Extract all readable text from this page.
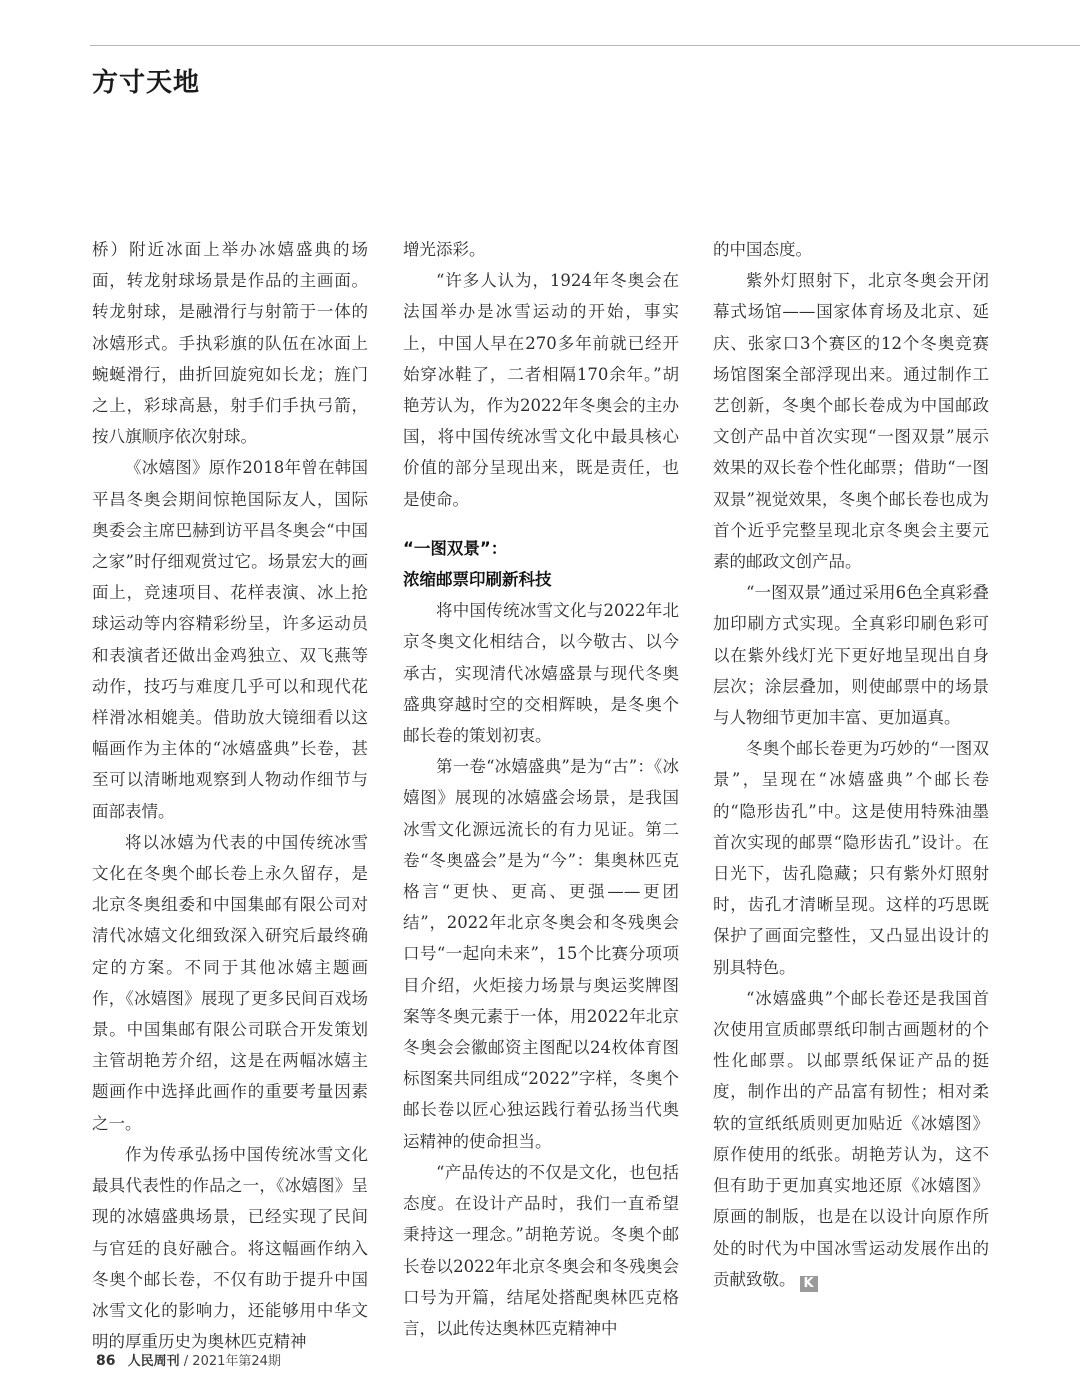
方寸天地

桥）附近冰面上举办冰嬉盛典的场面，转龙射球场景是作品的主画面。转龙射球，是融滑行与射箭于一体的冰嬉形式。手执彩旗的队伍在冰面上蜿蜒滑行，曲折回旋宛如长龙；旌门之上，彩球高悬，射手们手执弓箭，按八旗顺序依次射球。

《冰嬉图》原作2018年曾在韩国平昌冬奥会期间惊艳国际友人，国际奥委会主席巴赫到访平昌冬奥会“中国之家”时仔细观赏过它。场景宏大的画面上，竞速项目、花样表演、冰上抢球运动等内容精彩纷呈，许多运动员和表演者还做出金鸡独立、双飞燕等动作，技巧与难度几乎可以和现代花样滑冰相媲美。借助放大镜细看以这幅画作为主体的“冰嬉盛典”长卷，甚至可以清晰地观察到人物动作细节与面部表情。

将以冰嬉为代表的中国传统冰雪文化在冬奥个邮长卷上永久留存，是北京冬奥组委和中国集邮有限公司对清代冰嬉文化细致深入研究后最终确定的方案。不同于其他冰嬉主题画作，《冰嬉图》展现了更多民间百戏场景。中国集邮有限公司联合开发策划主管胡艳芳介绍，这是在两幅冰嬉主题画作中选择此画作的重要考量因素之一。

作为传承弘扬中国传统冰雪文化最具代表性的作品之一，《冰嬉图》呈现的冰嬉盛典场景，已经实现了民间与官廷的良好融合。将这幅画作纳入冬奥个邮长卷，不仅有助于提升中国冰雪文化的影响力，还能够用中华文明的厚重历史为奥林匹克精神

增光添彩。

“许多人认为，1924年冬奥会在法国举办是冰雪运动的开始，事实上，中国人早在270多年前就已经开始穿冰鞋了，二者相隔170余年。”胡艳芳认为，作为2022年冬奥会的主办国，将中国传统冰雪文化中最具核心价值的部分呈现出来，既是责任，也是使命。

“一图双景”：
浓缩邮票印刷新科技

将中国传统冰雪文化与2022年北京冬奥文化相结合，以今敬古、以今承古，实现清代冰嬉盛景与现代冬奥盛典穿越时空的交相辉映，是冬奥个邮长卷的策划初衷。

第一卷“冰嬉盛典”是为“古”：《冰嬉图》展现的冰嬉盛会场景，是我国冰雪文化源远流长的有力见证。第二卷“冬奥盛会”是为“今”：集奥林匹克格言“更快、更高、更强——更团结”，2022年北京冬奥会和冬残奥会口号“一起向未来”，15个比赛分项项目介绍，火炬接力场景与奥运奖牌图案等冬奥元素于一体，用2022年北京冬奥会会徽邮资主图配以24枚体育图标图案共同组成“2022”字样，冬奥个邮长卷以匠心独运践行着弘扬当代奥运精神的使命担当。

“产品传达的不仅是文化，也包括态度。在设计产品时，我们一直希望秉持这一理念。”胡艳芳说。冬奥个邮长卷以2022年北京冬奥会和冬残奥会口号为开篇，结尾处搭配奥林匹克格言，以此传达奥林匹克精神中

的中国态度。

紫外灯照射下，北京冬奥会开闭幕式场馆——国家体育场及北京、延庆、张家口3个赛区的12个冬奥竞赛场馆图案全部浮现出来。通过制作工艺创新，冬奥个邮长卷成为中国邮政文创产品中首次实现“一图双景”展示效果的双长卷个性化邮票；借助“一图双景”视觉效果，冬奥个邮长卷也成为首个近乎完整呈现北京冬奥会主要元素的邮政文创产品。

“一图双景”通过采用6色全真彩叠加印刷方式实现。全真彩印刷色彩可以在紫外线灯光下更好地呈现出自身层次；涂层叠加，则使邮票中的场景与人物细节更加丰富、更加逼真。

冬奥个邮长卷更为巧妙的“一图双景”，呈现在“冰嬉盛典”个邮长卷的“隐形齿孔”中。这是使用特殊油墨首次实现的邮票“隐形齿孔”设计。在日光下，齿孔隐藏；只有紫外灯照射时，齿孔才清晰呈现。这样的巧思既保护了画面完整性，又凸显出设计的别具特色。

“冰嬉盛典”个邮长卷还是我国首次使用宣质邮票纸印制古画题材的个性化邮票。以邮票纸保证产品的挺度，制作出的产品富有韧性；相对柔软的宣纸纸质则更加贴近《冰嬉图》原作使用的纸张。胡艳芳认为，这不但有助于更加真实地还原《冰嬉图》原画的制版，也是在以设计向原作所处的时代为中国冰雪运动发展作出的贡献致敬。 K

86 人民周刊 / 2021年第24期
